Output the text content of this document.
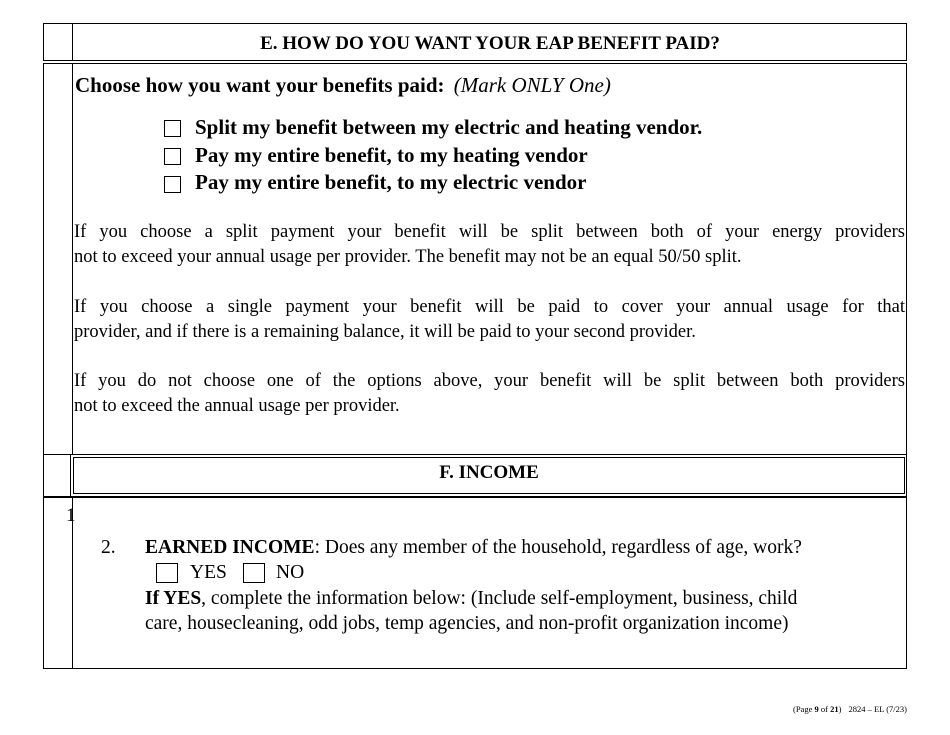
E. HOW DO YOU WANT YOUR EAP BENEFIT PAID?
Choose how you want your benefits paid: (Mark ONLY One)
Split my benefit between my electric and heating vendor.
Pay my entire benefit, to my heating vendor
Pay my entire benefit, to my electric vendor
If you choose a split payment your benefit will be split between both of your energy providers
not to exceed your annual usage per provider. The benefit may not be an equal 50/50 split.
If you choose a single payment your benefit will be paid to cover your annual usage for that
provider, and if there is a remaining balance, it will be paid to your second provider.
If you do not choose one of the options above, your benefit will be split between both providers
not to exceed the annual usage per provider.
F. INCOME
1
2. EARNED INCOME: Does any member of the household, regardless of age, work?
YES	NO
If YES, complete the information below: (Include self-employment, business, child
care, housecleaning, odd jobs, temp agencies, and non-profit organization income)
(Page 9 of 21) 2824 – EL (7/23)
